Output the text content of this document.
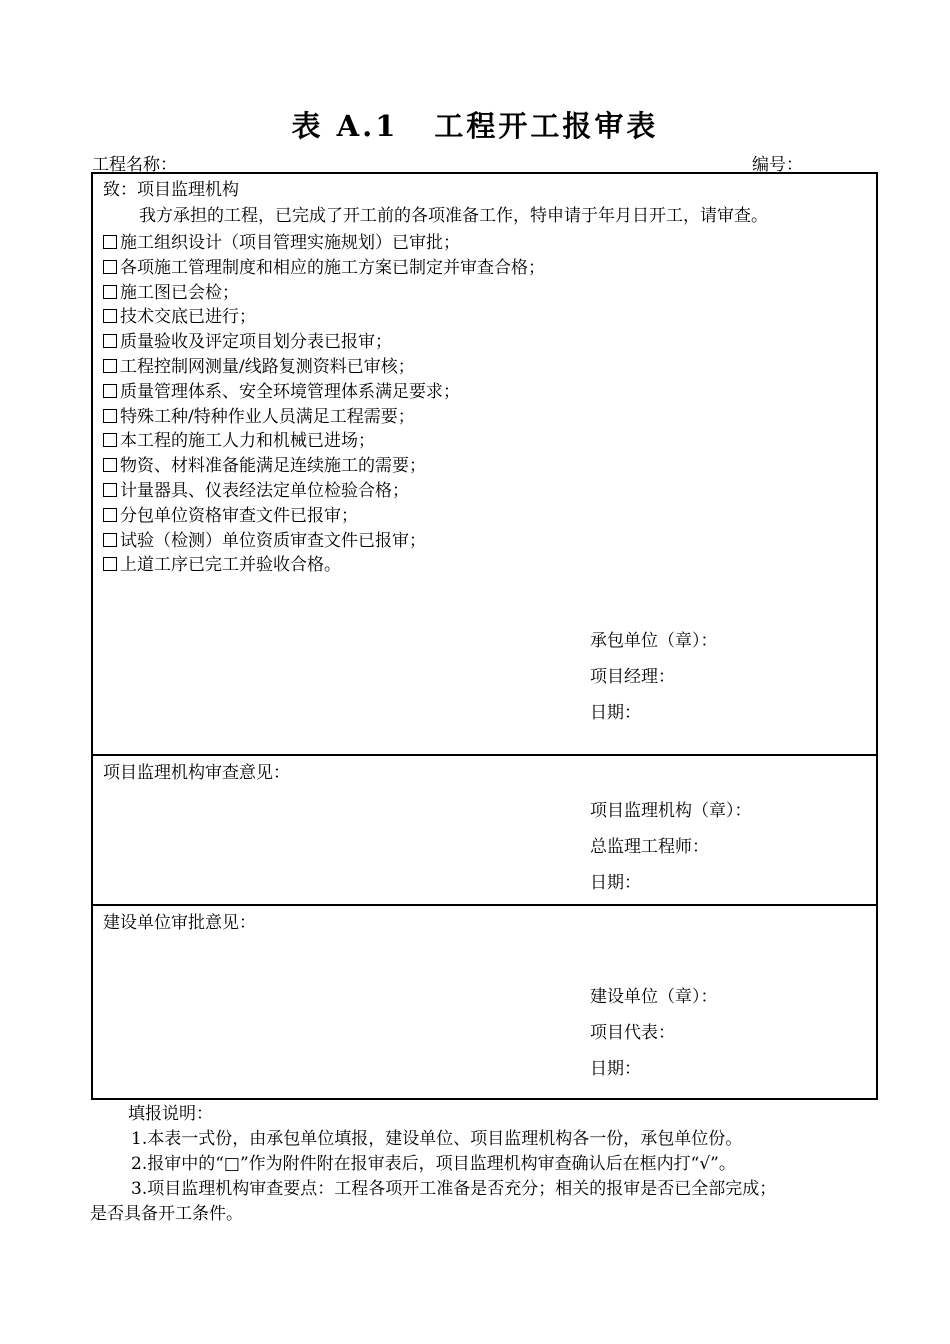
表 A.1 工程开工报审表
工程名称：	编号：
致：项目监理机构
我方承担的工程，已完成了开工前的各项准备工作，特申请于年月日开工，请审查。
施工组织设计（项目管理实施规划）已审批；
各项施工管理制度和相应的施工方案已制定并审查合格；
施工图已会检；
技术交底已进行；
质量验收及评定项目划分表已报审；
工程控制网测量/线路复测资料已审核；
质量管理体系、安全环境管理体系满足要求；
特殊工种/特种作业人员满足工程需要；
本工程的施工人力和机械已进场；
物资、材料准备能满足连续施工的需要；
计量器具、仪表经法定单位检验合格；
分包单位资格审查文件已报审；
试验（检测）单位资质审查文件已报审；
上道工序已完工并验收合格。
承包单位（章）：
项目经理：
日期：
项目监理机构审查意见：
项目监理机构（章）：
总监理工程师：
日期：
建设单位审批意见：
建设单位（章）：
项目代表：
日期：
填报说明：
1.本表一式份，由承包单位填报，建设单位、项目监理机构各一份，承包单位份。
2.报审中的“□”作为附件附在报审表后，项目监理机构审查确认后在框内打“√”。
3.项目监理机构审查要点：工程各项开工准备是否充分；相关的报审是否已全部完成；
是否具备开工条件。
